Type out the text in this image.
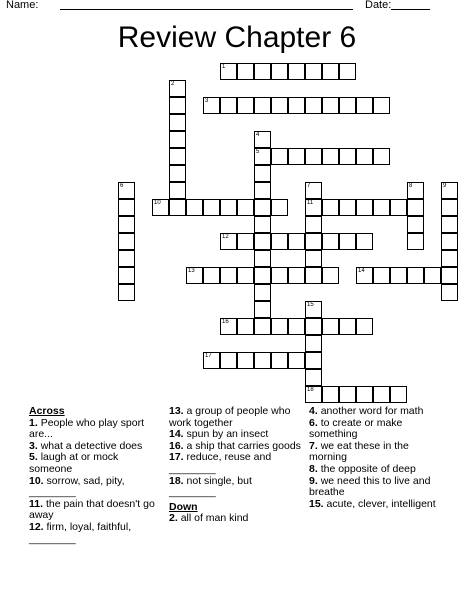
Name:	Date:
Review Chapter 6
1
2
3
4
5
6	7
11
8	9
10
12
13	14
15
18
16
17
Across
1. People who play sport are...
3. what a detective does
5. laugh at or mock someone
10. sorrow, sad, pity, ________
11. the pain that doesn't go away
12. firm, loyal, faithful, ________
13. a group of people who work together
14. spun by an insect
16. a ship that carries goods
17. reduce, reuse and ________
18. not single, but ________
Down
2. all of man kind
4. another word for math
6. to create or make something
7. we eat these in the morning
8. the opposite of deep
9. we need this to live and breathe
15. acute, clever, intelligent
